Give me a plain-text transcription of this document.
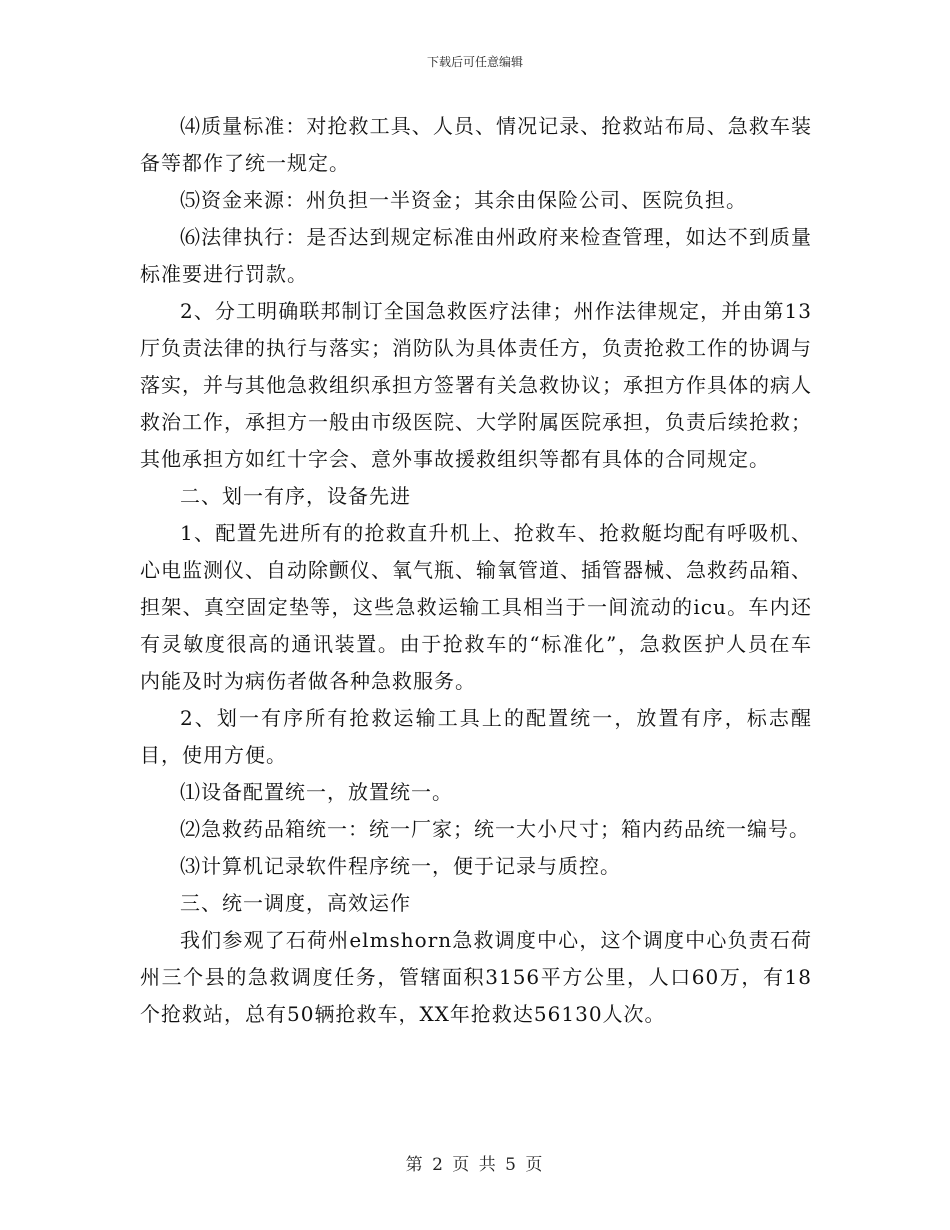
下载后可任意编辑

⑷质量标准：对抢救工具、人员、情况记录、抢救站布局、急救车装备等都作了统一规定。

⑸资金来源：州负担一半资金；其余由保险公司、医院负担。

⑹法律执行：是否达到规定标准由州政府来检查管理，如达不到质量标准要进行罚款。

2、分工明确联邦制订全国急救医疗法律；州作法律规定，并由第13厅负责法律的执行与落实；消防队为具体责任方，负责抢救工作的协调与落实，并与其他急救组织承担方签署有关急救协议；承担方作具体的病人救治工作，承担方一般由市级医院、大学附属医院承担，负责后续抢救；其他承担方如红十字会、意外事故援救组织等都有具体的合同规定。

二、划一有序，设备先进

1、配置先进所有的抢救直升机上、抢救车、抢救艇均配有呼吸机、心电监测仪、自动除颤仪、氧气瓶、输氧管道、插管器械、急救药品箱、担架、真空固定垫等，这些急救运输工具相当于一间流动的icu。车内还有灵敏度很高的通讯装置。由于抢救车的“标准化”，急救医护人员在车内能及时为病伤者做各种急救服务。

2、划一有序所有抢救运输工具上的配置统一，放置有序，标志醒目，使用方便。

⑴设备配置统一，放置统一。

⑵急救药品箱统一：统一厂家；统一大小尺寸；箱内药品统一编号。

⑶计算机记录软件程序统一，便于记录与质控。

三、统一调度，高效运作

我们参观了石荷州elmshorn急救调度中心，这个调度中心负责石荷州三个县的急救调度任务，管辖面积3156平方公里，人口60万，有18个抢救站，总有50辆抢救车，XX年抢救达56130人次。

第 2 页 共 5 页
